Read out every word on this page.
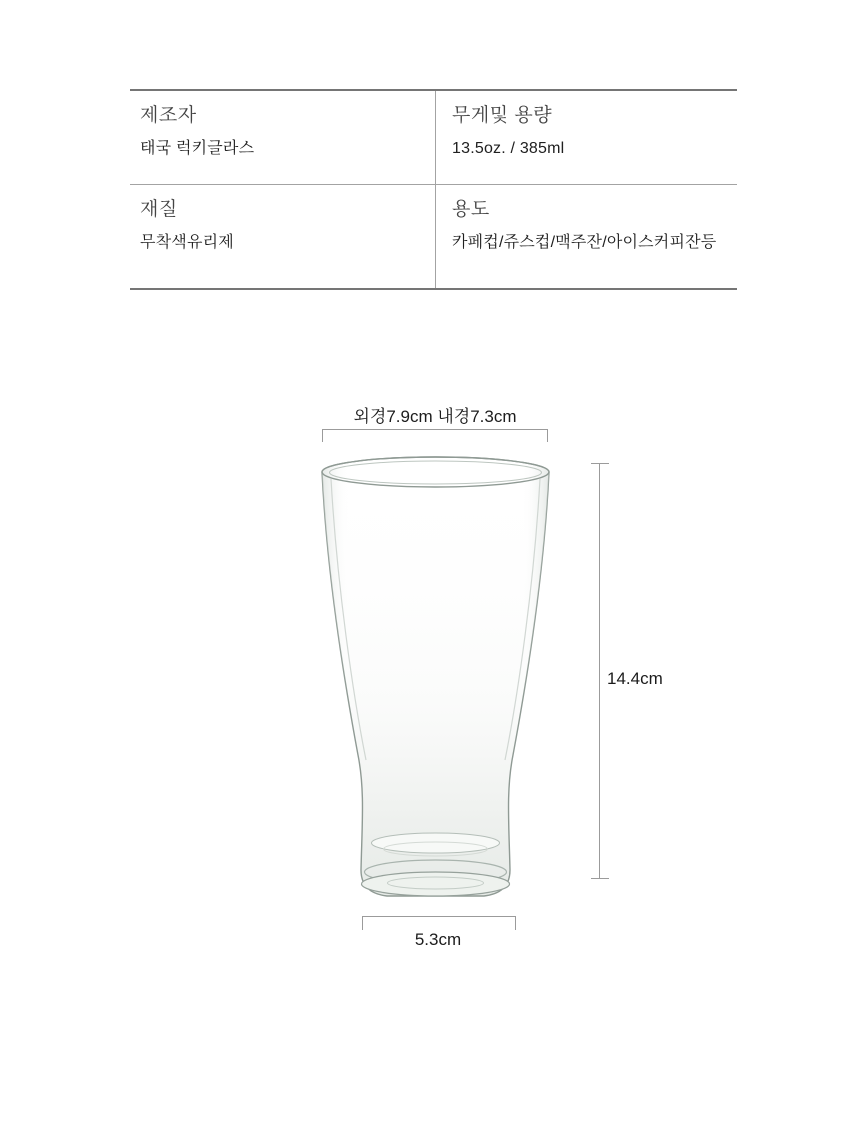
제조자
태국 럭키글라스
무게및 용량
13.5oz. / 385ml
재질
무착색유리제
용도
카페컵/쥬스컵/맥주잔/아이스커피잔등
외경7.9cm 내경7.3cm
14.4cm
5.3cm
